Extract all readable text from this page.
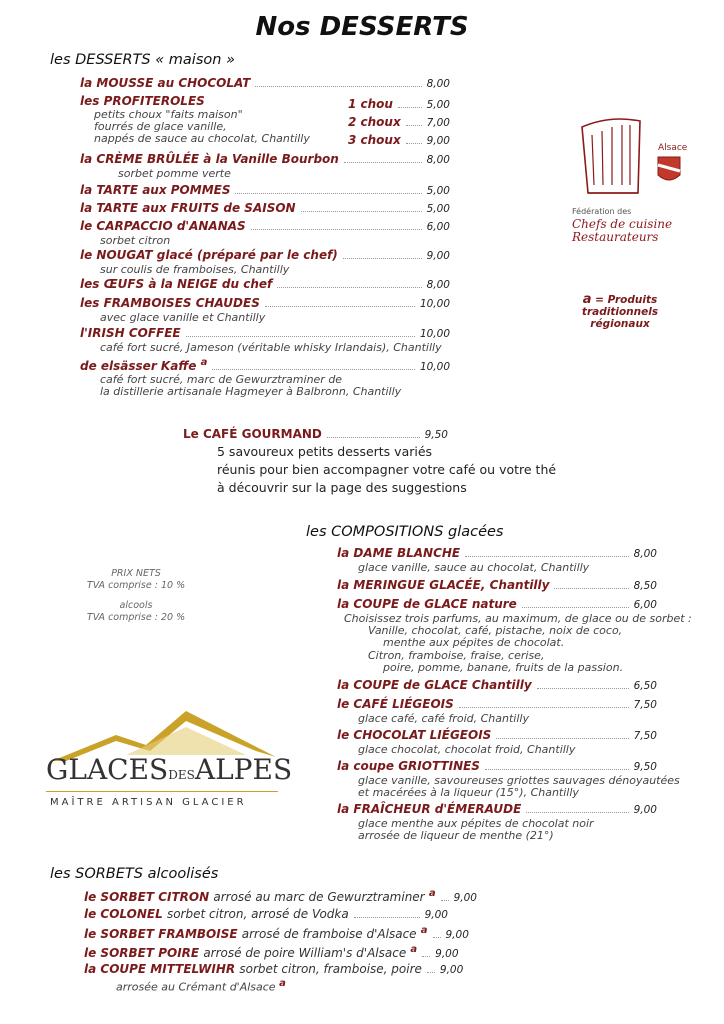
Nos DESSERTS
les DESSERTS « maison »
la MOUSSE au CHOCOLAT	8,00
les PROFITEROLES
petits choux "faits maison"
fourrés de glace vanille,
nappés de sauce au chocolat, Chantilly
1 chou	5,00
2 choux 7,00
3 choux 9,00
la CRÈME BRÛLÉE à la Vanille Bourbon	8,00
sorbet pomme verte
la TARTE aux POMMES	5,00
la TARTE aux FRUITS de SAISON	5,00
le CARPACCIO d'ANANAS	6,00
sorbet citron
le NOUGAT glacé (préparé par le chef)	9,00
sur coulis de framboises, Chantilly
les ŒUFS à la NEIGE du chef	8,00
les FRAMBOISES CHAUDES	10,00
avec glace vanille et Chantilly
l'IRISH COFFEE	10,00
café fort sucré, Jameson (véritable whisky Irlandais), Chantilly
de elsässer Kaffe $^a$	10,00
café fort sucré, marc de Gewurztraminer de
la distillerie artisanale Hagmeyer à Balbronn, Chantilly
Le CAFÉ GOURMAND	9,50
5 savoureux petits desserts variés
réunis pour bien accompagner votre café ou votre thé
à découvrir sur la page des suggestions
Alsace
Fédération des
Chefs de cuisine
Restaurateurs
a = Produits
traditionnels
régionaux
les COMPOSITIONS glacées
la DAME BLANCHE	8,00
glace vanille, sauce au chocolat, Chantilly
la MERINGUE GLACÉE, Chantilly	8,50
la COUPE de GLACE nature	6,00
Choisissez trois parfums, au maximum, de glace ou de sorbet :
Vanille, chocolat, café, pistache, noix de coco,
menthe aux pépites de chocolat.
Citron, framboise, fraise, cerise,
poire, pomme, banane, fruits de la passion.
la COUPE de GLACE Chantilly	6,50
le CAFÉ LIÉGEOIS	7,50
glace café, café froid, Chantilly
le CHOCOLAT LIÉGEOIS	7,50
glace chocolat, chocolat froid, Chantilly
la coupe GRIOTTINES	9,50
glace vanille, savoureuses griottes sauvages dénoyautées
et macérées à la liqueur (15°), Chantilly
la FRAÎCHEUR d'ÉMERAUDE	9,00
glace menthe aux pépites de chocolat noir
arrosée de liqueur de menthe (21°)
PRIX NETS
TVA comprise : 10 %
alcools
TVA comprise : 20 %
GLACESDESALPES
MAÎTRE ARTISAN GLACIER
les SORBETS alcoolisés
le SORBET CITRON arrosé au marc de Gewurztraminer $^a$ 9,00
le COLONEL sorbet citron, arrosé de Vodka	9,00
le SORBET FRAMBOISE arrosé de framboise d'Alsace $^a$ 9,00
le SORBET POIRE arrosé de poire William's d'Alsace $^a$ 9,00
la COUPE MITTELWIHR sorbet citron, framboise, poire 9,00
arrosée au Crémant d'Alsace a
